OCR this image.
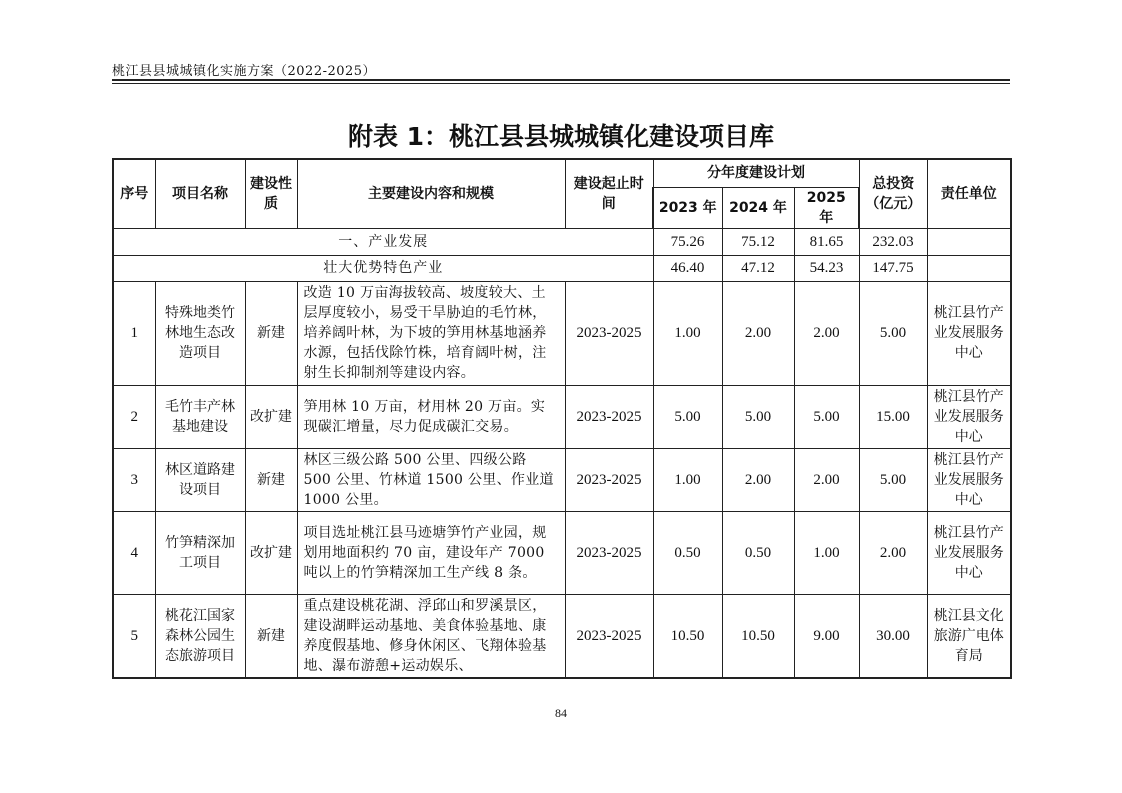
桃江县县城城镇化实施方案（2022-2025）
附表 1：桃江县县城城镇化建设项目库
序号	项目名称	建设性质	主要建设内容和规模	建设起止时间	分年度建设计划			总投资（亿元）	责任单位
					2023 年	2024 年	2025 年		
一、产业发展					75.26	75.12	81.65	232.03	
壮大优势特色产业					46.40	47.12	54.23	147.75	
1	特殊地类竹林地生态改造项目	新建	改造 10 万亩海拔较高、坡度较大、土层厚度较小，易受干旱胁迫的毛竹林，培养阔叶林，为下坡的笋用林基地涵养水源，包括伐除竹株，培育阔叶树，注射生长抑制剂等建设内容。	2023-2025	1.00	2.00	2.00	5.00	桃江县竹产业发展服务中心
2	毛竹丰产林基地建设	改扩建	笋用林 10 万亩，材用林 20 万亩。实现碳汇增量，尽力促成碳汇交易。	2023-2025	5.00	5.00	5.00	15.00	桃江县竹产业发展服务中心
3	林区道路建设项目	新建	林区三级公路 500 公里、四级公路 500 公里、竹林道 1500 公里、作业道 1000 公里。	2023-2025	1.00	2.00	2.00	5.00	桃江县竹产业发展服务中心
4	竹笋精深加工项目	改扩建	项目选址桃江县马迹塘笋竹产业园，规划用地面积约 70 亩，建设年产 7000 吨以上的竹笋精深加工生产线 8 条。	2023-2025	0.50	0.50	1.00	2.00	桃江县竹产业发展服务中心
5	桃花江国家森林公园生态旅游项目	新建	重点建设桃花湖、浮邱山和罗溪景区，建设湖畔运动基地、美食体验基地、康养度假基地、修身休闲区、飞翔体验基地、瀑布游憩+运动娱乐、	2023-2025	10.50	10.50	9.00	30.00	桃江县文化旅游广电体育局
84
